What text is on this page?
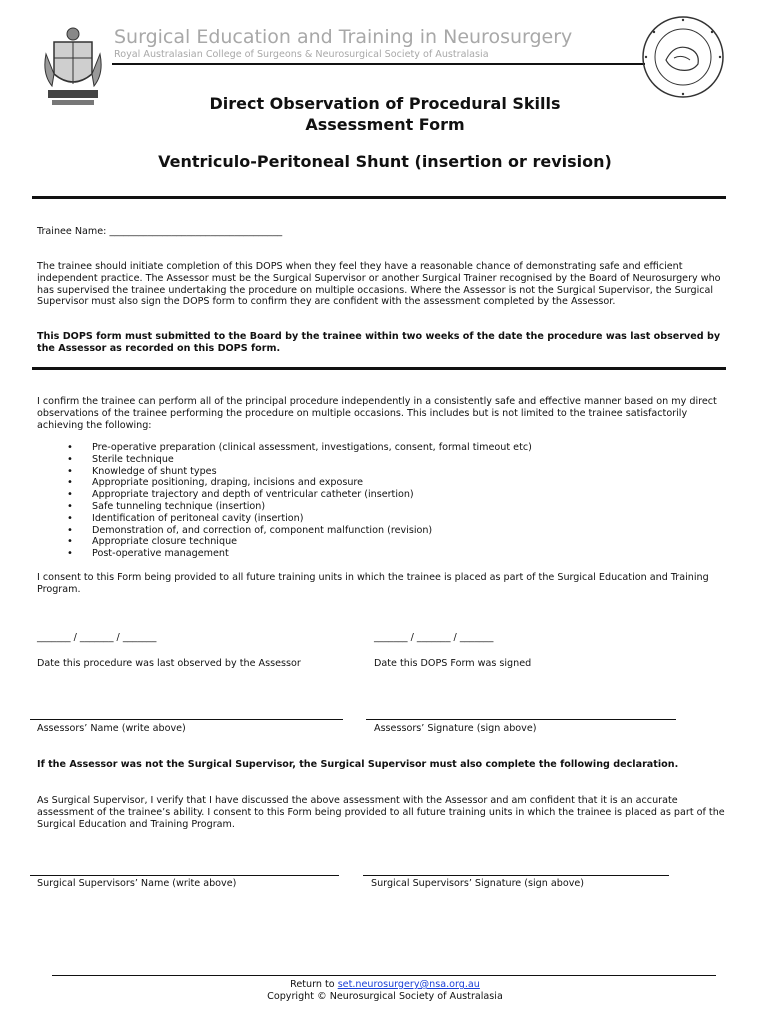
Surgical Education and Training in Neurosurgery
Royal Australasian College of Surgeons & Neurosurgical Society of Australasia
Direct Observation of Procedural Skills
Assessment Form
Ventriculo-Peritoneal Shunt (insertion or revision)
Trainee Name: ____________________________________
The trainee should initiate completion of this DOPS when they feel they have a reasonable chance of demonstrating safe and efficient independent practice. The Assessor must be the Surgical Supervisor or another Surgical Trainer recognised by the Board of Neurosurgery who has supervised the trainee undertaking the procedure on multiple occasions. Where the Assessor is not the Surgical Supervisor, the Surgical Supervisor must also sign the DOPS form to confirm they are confident with the assessment completed by the Assessor.
This DOPS form must submitted to the Board by the trainee within two weeks of the date the procedure was last observed by the Assessor as recorded on this DOPS form.
I confirm the trainee can perform all of the principal procedure independently in a consistently safe and effective manner based on my direct observations of the trainee performing the procedure on multiple occasions. This includes but is not limited to the trainee satisfactorily achieving the following:
• Pre-operative preparation (clinical assessment, investigations, consent, formal timeout etc)
• Sterile technique
• Knowledge of shunt types
• Appropriate positioning, draping, incisions and exposure
• Appropriate trajectory and depth of ventricular catheter (insertion)
• Safe tunneling technique (insertion)
• Identification of peritoneal cavity (insertion)
• Demonstration of, and correction of, component malfunction (revision)
• Appropriate closure technique
• Post-operative management
I consent to this Form being provided to all future training units in which the trainee is placed as part of the Surgical Education and Training Program.
_______ / _______ / _______	_______ / _______ / _______
Date this procedure was last observed by the Assessor	Date this DOPS Form was signed
Assessors’ Name (write above)	Assessors’ Signature (sign above)
If the Assessor was not the Surgical Supervisor, the Surgical Supervisor must also complete the following declaration.
As Surgical Supervisor, I verify that I have discussed the above assessment with the Assessor and am confident that it is an accurate assessment of the trainee’s ability. I consent to this Form being provided to all future training units in which the trainee is placed as part of the Surgical Education and Training Program.
Surgical Supervisors’ Name (write above)	Surgical Supervisors’ Signature (sign above)
Return to set.neurosurgery@nsa.org.au
Copyright © Neurosurgical Society of Australasia
